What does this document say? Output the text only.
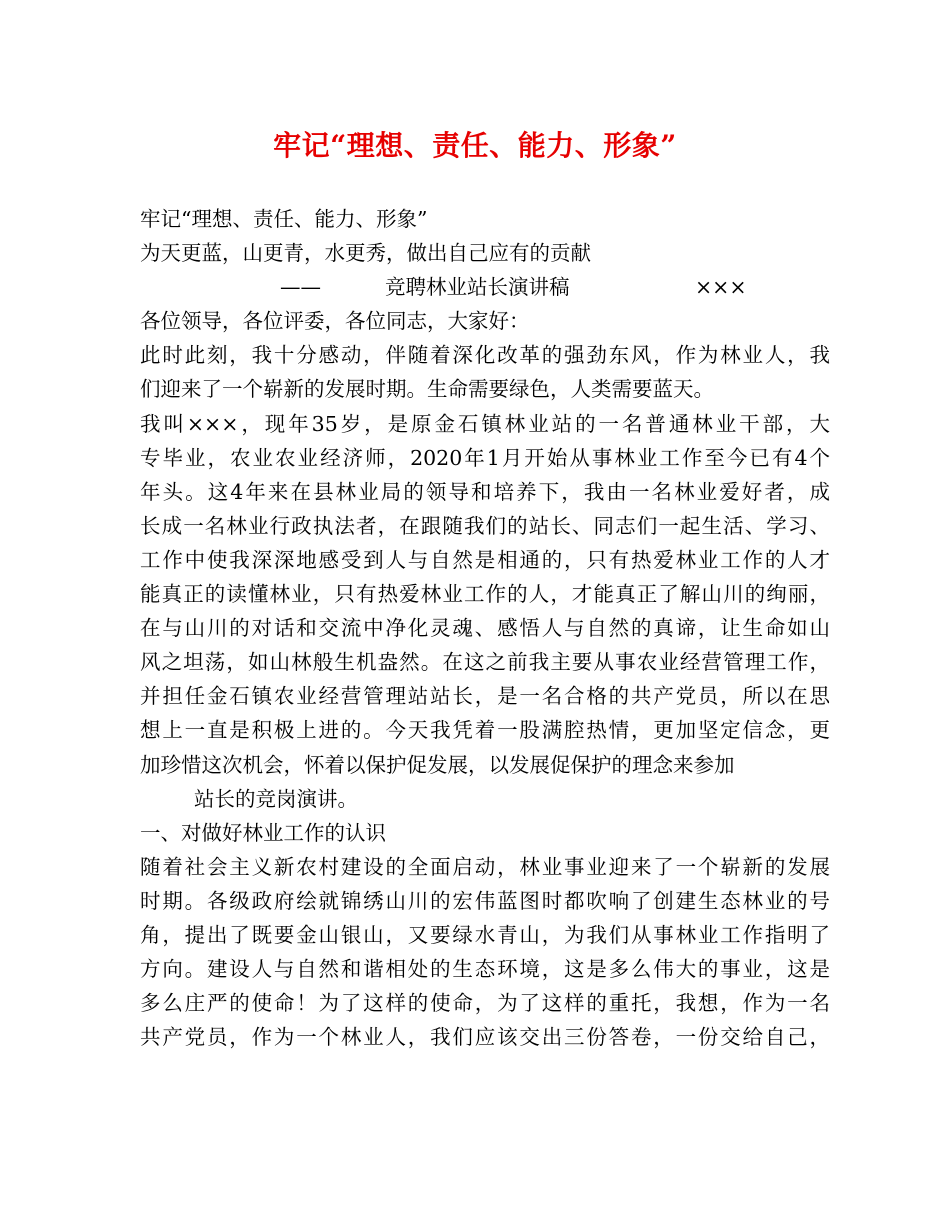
牢记“理想、责任、能力、形象”
牢记“理想、责任、能力、形象”
为天更蓝，山更青，水更秀，做出自己应有的贡献
——	竞聘林业站长演讲稿	×××
各位领导，各位评委，各位同志，大家好：
此时此刻，我十分感动，伴随着深化改革的强劲东风，作为林业人，我
们迎来了一个崭新的发展时期。生命需要绿色，人类需要蓝天。
我叫×××，现年35岁，是原金石镇林业站的一名普通林业干部，大
专毕业，农业农业经济师，2020年1月开始从事林业工作至今已有4个
年头。这4年来在县林业局的领导和培养下，我由一名林业爱好者，成
长成一名林业行政执法者，在跟随我们的站长、同志们一起生活、学习、
工作中使我深深地感受到人与自然是相通的，只有热爱林业工作的人才
能真正的读懂林业，只有热爱林业工作的人，才能真正了解山川的绚丽，
在与山川的对话和交流中净化灵魂、感悟人与自然的真谛，让生命如山
风之坦荡，如山林般生机盎然。在这之前我主要从事农业经营管理工作，
并担任金石镇农业经营管理站站长，是一名合格的共产党员，所以在思
想上一直是积极上进的。今天我凭着一股满腔热情，更加坚定信念，更
加珍惜这次机会，怀着以保护促发展，以发展促保护的理念来参加
站长的竞岗演讲。
一、对做好林业工作的认识
随着社会主义新农村建设的全面启动，林业事业迎来了一个崭新的发展
时期。各级政府绘就锦绣山川的宏伟蓝图时都吹响了创建生态林业的号
角，提出了既要金山银山，又要绿水青山，为我们从事林业工作指明了
方向。建设人与自然和谐相处的生态环境，这是多么伟大的事业，这是
多么庄严的使命！为了这样的使命，为了这样的重托，我想，作为一名
共产党员，作为一个林业人，我们应该交出三份答卷，一份交给自己，
